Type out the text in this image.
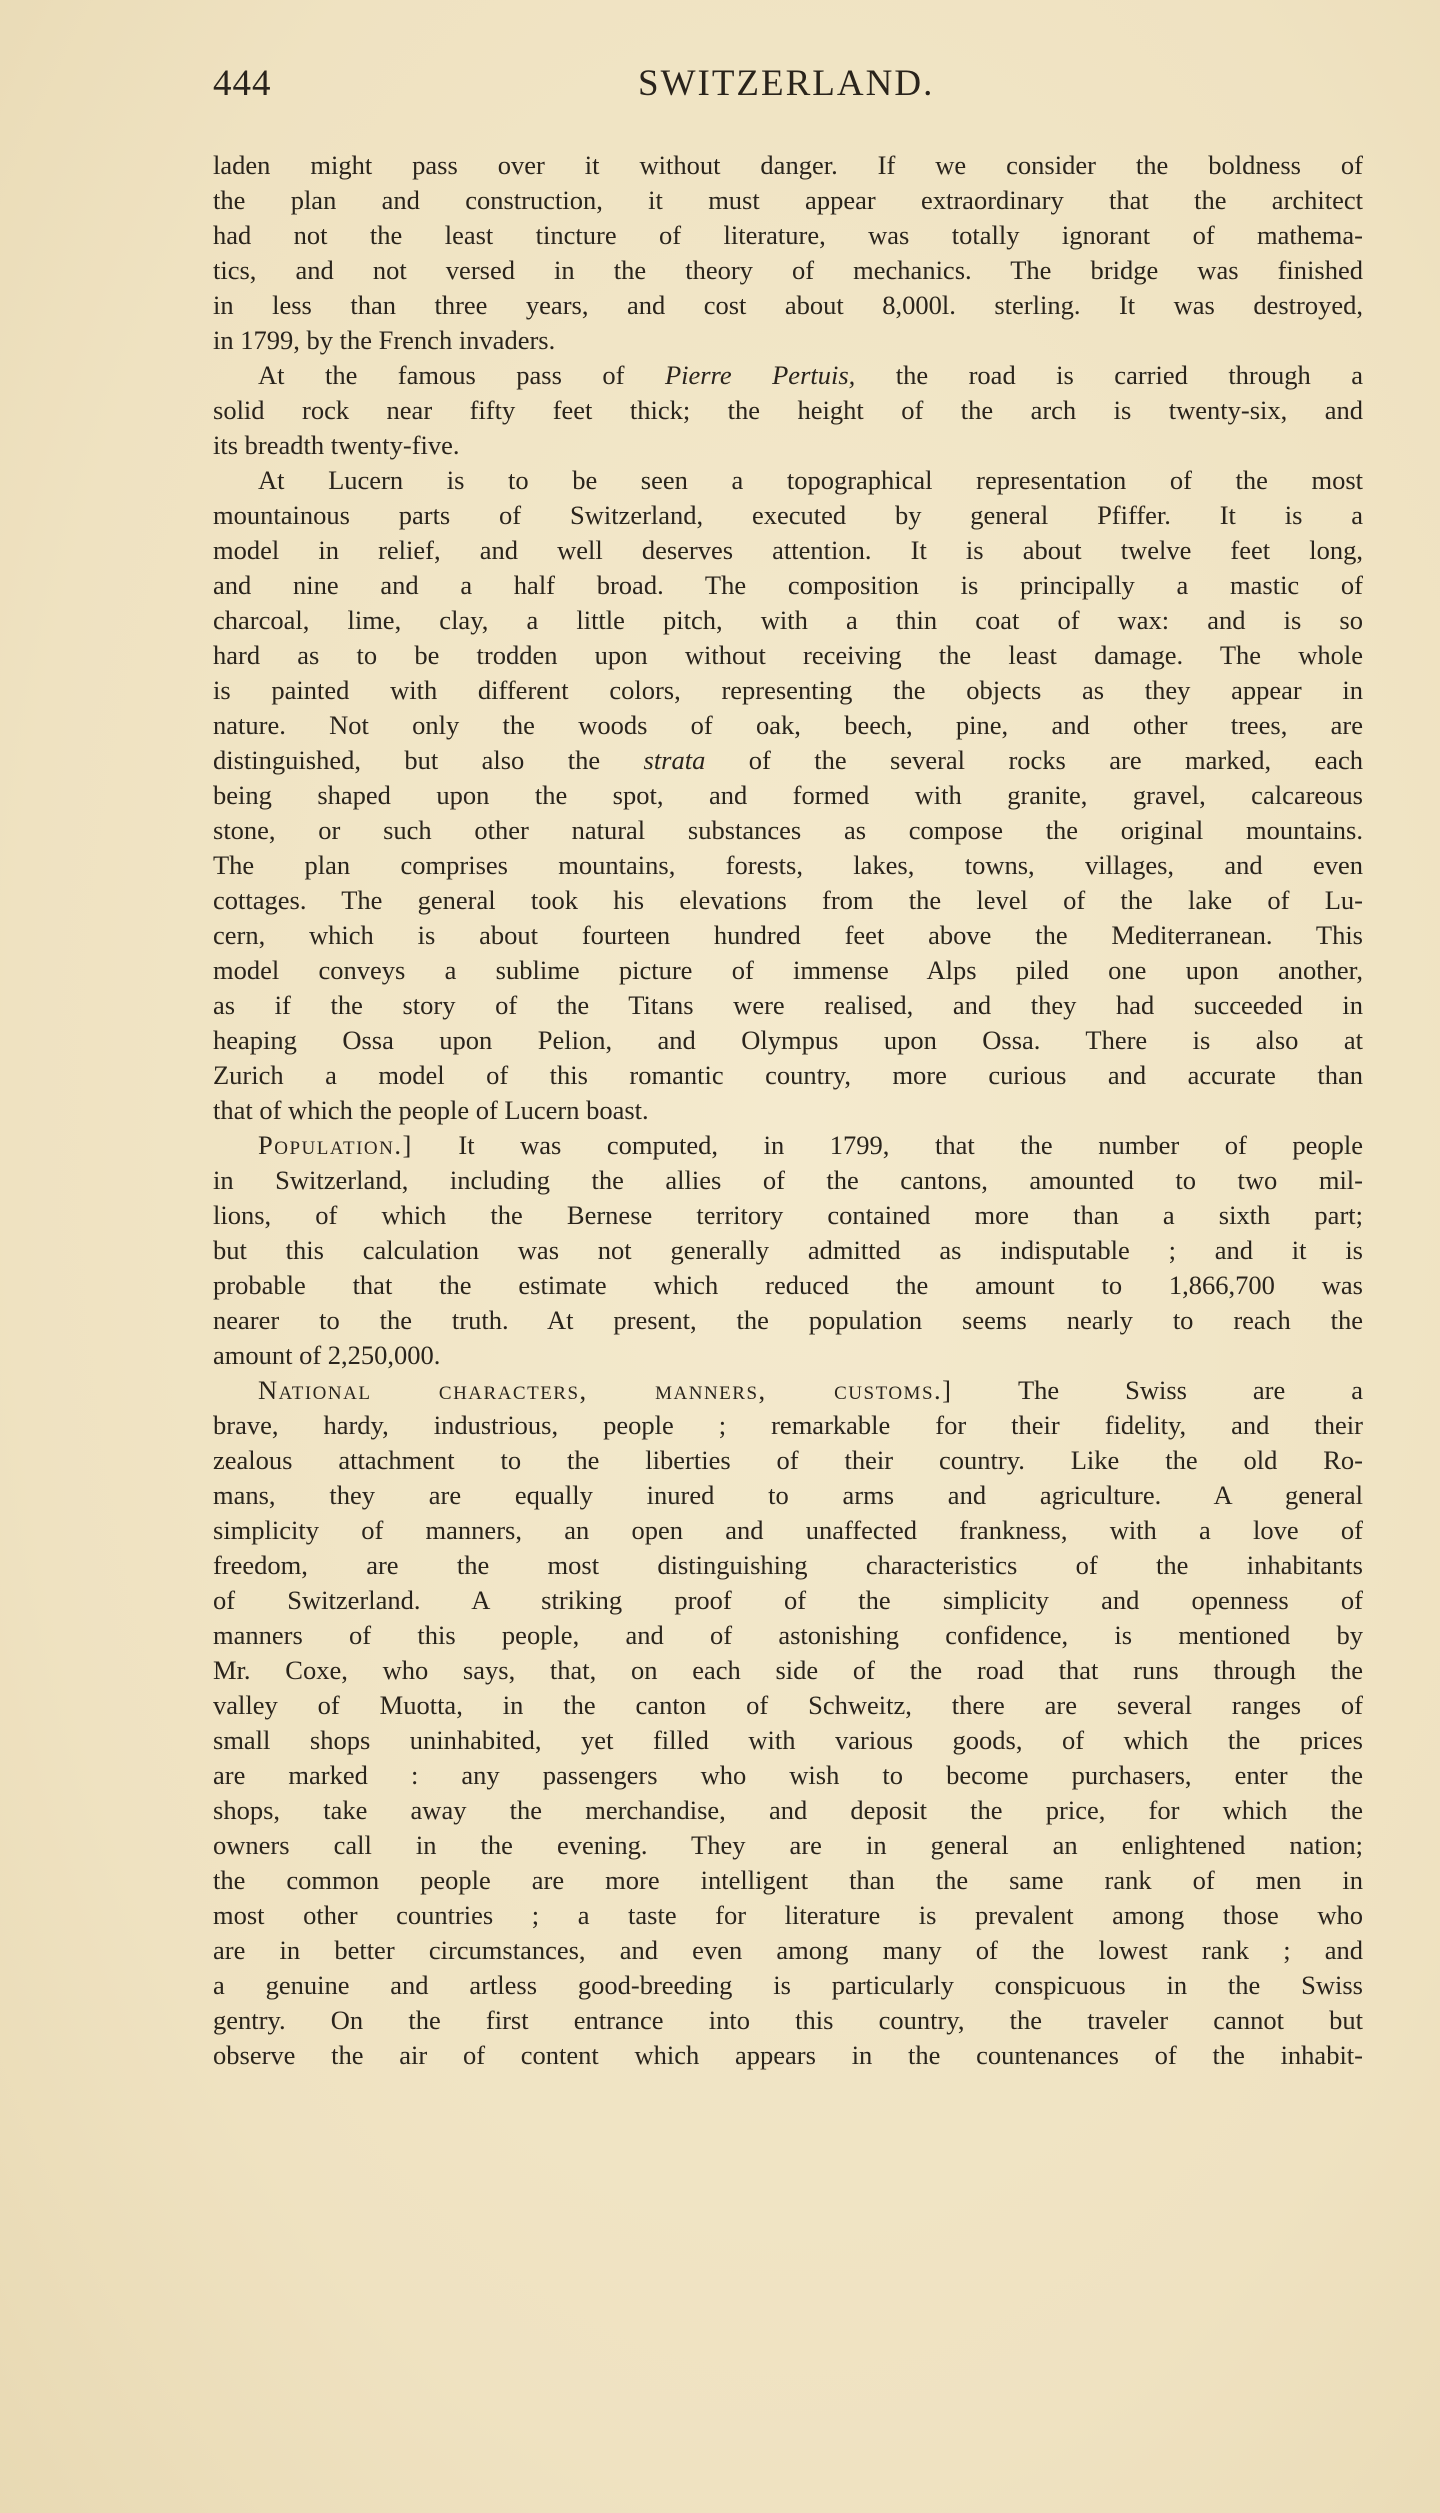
444	SWITZERLAND.
laden might pass over it without danger. If we consider the boldness of
the plan and construction, it must appear extraordinary that the architect
had not the least tincture of literature, was totally ignorant of mathema-
tics, and not versed in the theory of mechanics. The bridge was finished
in less than three years, and cost about 8,000l. sterling. It was destroyed,
in 1799, by the French invaders.
At the famous pass of Pierre Pertuis, the road is carried through a
solid rock near fifty feet thick; the height of the arch is twenty-six, and
its breadth twenty-five.
At Lucern is to be seen a topographical representation of the most
mountainous parts of Switzerland, executed by general Pfiffer. It is a
model in relief, and well deserves attention. It is about twelve feet long,
and nine and a half broad. The composition is principally a mastic of
charcoal, lime, clay, a little pitch, with a thin coat of wax: and is so
hard as to be trodden upon without receiving the least damage. The whole
is painted with different colors, representing the objects as they appear in
nature. Not only the woods of oak, beech, pine, and other trees, are
distinguished, but also the strata of the several rocks are marked, each
being shaped upon the spot, and formed with granite, gravel, calcareous
stone, or such other natural substances as compose the original mountains.
The plan comprises mountains, forests, lakes, towns, villages, and even
cottages. The general took his elevations from the level of the lake of Lu-
cern, which is about fourteen hundred feet above the Mediterranean. This
model conveys a sublime picture of immense Alps piled one upon another,
as if the story of the Titans were realised, and they had succeeded in
heaping Ossa upon Pelion, and Olympus upon Ossa. There is also at
Zurich a model of this romantic country, more curious and accurate than
that of which the people of Lucern boast.
Population.] It was computed, in 1799, that the number of people
in Switzerland, including the allies of the cantons, amounted to two mil-
lions, of which the Bernese territory contained more than a sixth part;
but this calculation was not generally admitted as indisputable ; and it is
probable that the estimate which reduced the amount to 1,866,700 was
nearer to the truth. At present, the population seems nearly to reach the
amount of 2,250,000.
National characters, manners, customs.] The Swiss are a
brave, hardy, industrious, people ; remarkable for their fidelity, and their
zealous attachment to the liberties of their country. Like the old Ro-
mans, they are equally inured to arms and agriculture. A general
simplicity of manners, an open and unaffected frankness, with a love of
freedom, are the most distinguishing characteristics of the inhabitants
of Switzerland. A striking proof of the simplicity and openness of
manners of this people, and of astonishing confidence, is mentioned by
Mr. Coxe, who says, that, on each side of the road that runs through the
valley of Muotta, in the canton of Schweitz, there are several ranges of
small shops uninhabited, yet filled with various goods, of which the prices
are marked : any passengers who wish to become purchasers, enter the
shops, take away the merchandise, and deposit the price, for which the
owners call in the evening. They are in general an enlightened nation;
the common people are more intelligent than the same rank of men in
most other countries ; a taste for literature is prevalent among those who
are in better circumstances, and even among many of the lowest rank ; and
a genuine and artless good-breeding is particularly conspicuous in the Swiss
gentry. On the first entrance into this country, the traveler cannot but
observe the air of content which appears in the countenances of the inhabit-
